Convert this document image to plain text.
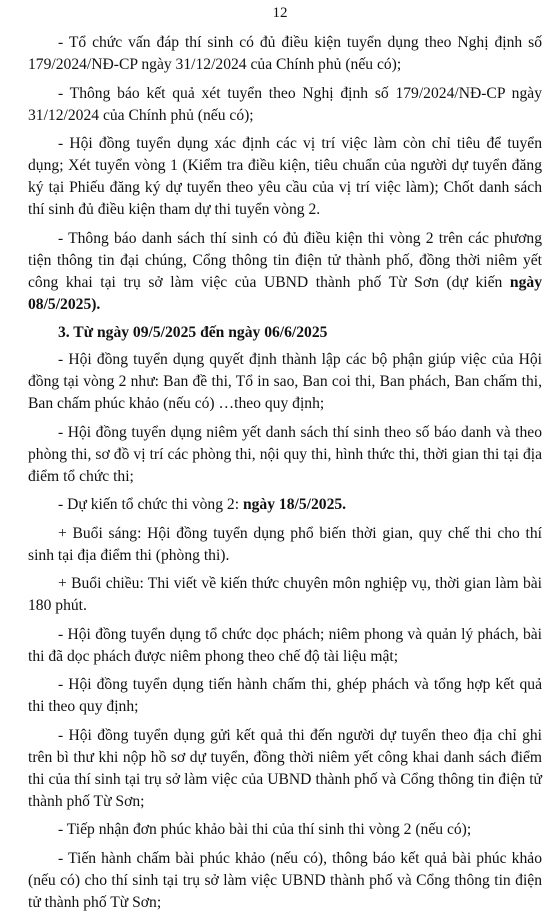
12

- Tổ chức vấn đáp thí sinh có đủ điều kiện tuyển dụng theo Nghị định số 179/2024/NĐ-CP ngày 31/12/2024 của Chính phủ (nếu có);

- Thông báo kết quả xét tuyển theo Nghị định số 179/2024/NĐ-CP ngày 31/12/2024 của Chính phủ (nếu có);

- Hội đồng tuyển dụng xác định các vị trí việc làm còn chỉ tiêu để tuyển dụng; Xét tuyển vòng 1 (Kiểm tra điều kiện, tiêu chuẩn của người dự tuyển đăng ký tại Phiếu đăng ký dự tuyển theo yêu cầu của vị trí việc làm); Chốt danh sách thí sinh đủ điều kiện tham dự thi tuyển vòng 2.

- Thông báo danh sách thí sinh có đủ điều kiện thi vòng 2 trên các phương tiện thông tin đại chúng, Cổng thông tin điện tử thành phố, đồng thời niêm yết công khai tại trụ sở làm việc của UBND thành phố Từ Sơn (dự kiến ngày 08/5/2025).

3. Từ ngày 09/5/2025 đến ngày 06/6/2025

- Hội đồng tuyển dụng quyết định thành lập các bộ phận giúp việc của Hội đồng tại vòng 2 như: Ban đề thi, Tổ in sao, Ban coi thi, Ban phách, Ban chấm thi, Ban chấm phúc khảo (nếu có) …theo quy định;

- Hội đồng tuyển dụng niêm yết danh sách thí sinh theo số báo danh và theo phòng thi, sơ đồ vị trí các phòng thi, nội quy thi, hình thức thi, thời gian thi tại địa điểm tổ chức thi;

- Dự kiến tổ chức thi vòng 2: ngày 18/5/2025.

+ Buổi sáng: Hội đồng tuyển dụng phổ biến thời gian, quy chế thi cho thí sinh tại địa điểm thi (phòng thi).

+ Buổi chiều: Thi viết về kiến thức chuyên môn nghiệp vụ, thời gian làm bài 180 phút.

- Hội đồng tuyển dụng tổ chức dọc phách; niêm phong và quản lý phách, bài thi đã dọc phách được niêm phong theo chế độ tài liệu mật;

- Hội đồng tuyển dụng tiến hành chấm thi, ghép phách và tổng hợp kết quả thi theo quy định;

- Hội đồng tuyển dụng gửi kết quả thi đến người dự tuyển theo địa chỉ ghi trên bì thư khi nộp hồ sơ dự tuyển, đồng thời niêm yết công khai danh sách điểm thi của thí sinh tại trụ sở làm việc của UBND thành phố và Cổng thông tin điện tử thành phố Từ Sơn;

- Tiếp nhận đơn phúc khảo bài thi của thí sinh thi vòng 2 (nếu có);

- Tiến hành chấm bài phúc khảo (nếu có), thông báo kết quả bài phúc khảo (nếu có) cho thí sinh tại trụ sở làm việc UBND thành phố và Cổng thông tin điện tử thành phố Từ Sơn;
